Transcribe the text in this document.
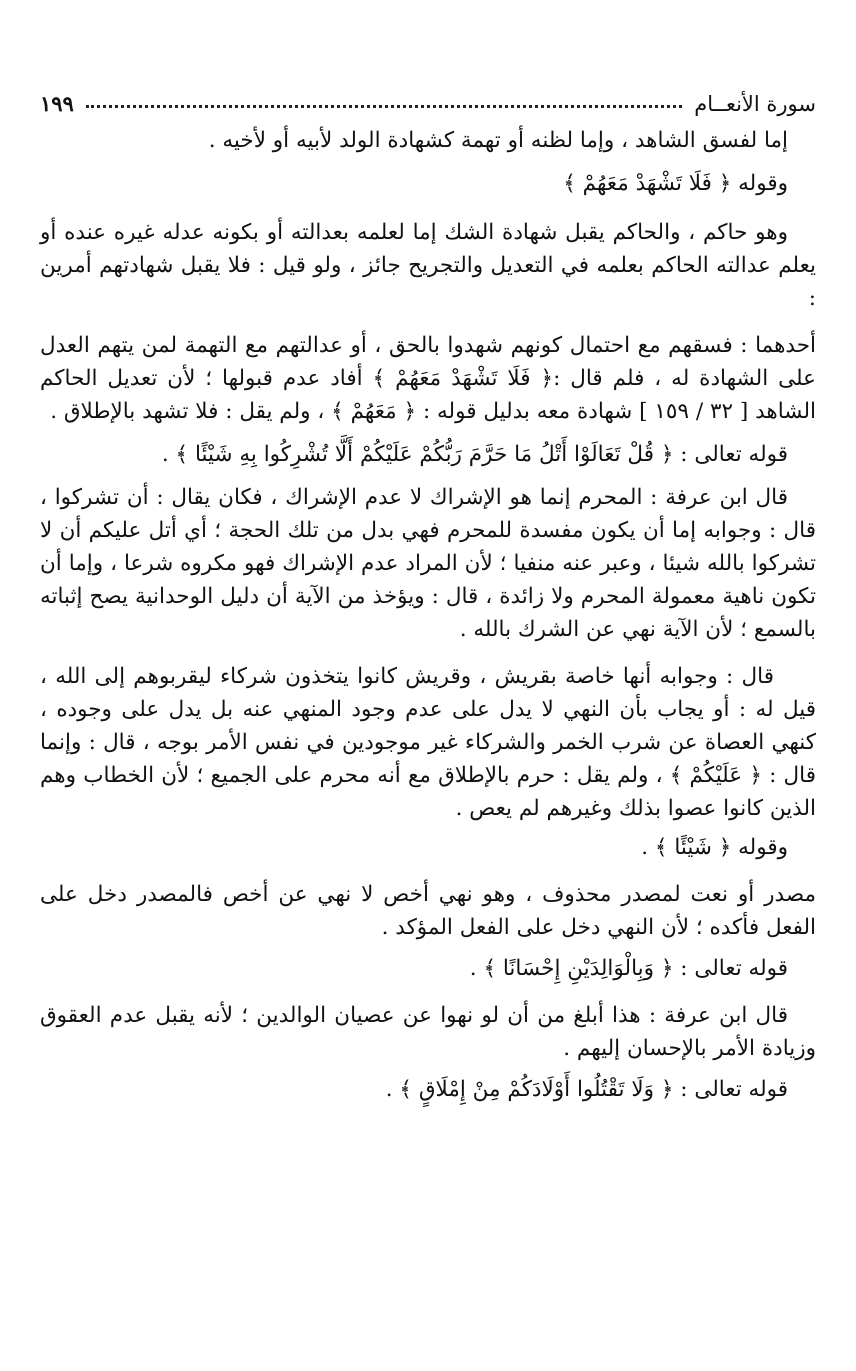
سورة الأنعــام
١٩٩

إما لفسق الشاهد ، وإما لظنه أو تهمة كشهادة الولد لأبيه أو لأخيه .

وقوله ﴿ فَلَا تَشْهَدْ مَعَهُمْ ﴾

وهو حاكم ، والحاكم يقبل شهادة الشك إما لعلمه بعدالته أو بكونه عدله غيره عنده أو يعلم عدالته الحاكم بعلمه في التعديل والتجريح جائز ، ولو قيل : فلا يقبل شهادتهم أمرين :

أحدهما : فسقهم مع احتمال كونهم شهدوا بالحق ، أو عدالتهم مع التهمة لمن يتهم العدل على الشهادة له ، فلم قال :﴿ فَلَا تَشْهَدْ مَعَهُمْ ﴾ أفاد عدم قبولها ؛ لأن تعديل الحاكم الشاهد [ ٣٢ / ١٥٩ ] شهادة معه بدليل قوله : ﴿ مَعَهُمْ ﴾ ، ولم يقل : فلا تشهد بالإطلاق .

قوله تعالى : ﴿ قُلْ تَعَالَوْا أَتْلُ مَا حَرَّمَ رَبُّكُمْ عَلَيْكُمْ أَلَّا تُشْرِكُوا بِهِ شَيْئًا ﴾ .

قال ابن عرفة : المحرم إنما هو الإشراك لا عدم الإشراك ، فكان يقال : أن تشركوا ، قال : وجوابه إما أن يكون مفسدة للمحرم فهي بدل من تلك الحجة ؛ أي أتل عليكم أن لا تشركوا بالله شيئا ، وعبر عنه منفيا ؛ لأن المراد عدم الإشراك فهو مكروه شرعا ، وإما أن تكون ناهية معمولة المحرم ولا زائدة ، قال : ويؤخذ من الآية أن دليل الوحدانية يصح إثباته بالسمع ؛ لأن الآية نهي عن الشرك بالله .

قال : وجوابه أنها خاصة بقريش ، وقريش كانوا يتخذون شركاء ليقربوهم إلى الله ، قيل له : أو يجاب بأن النهي لا يدل على عدم وجود المنهي عنه بل يدل على وجوده ، كنهي العصاة عن شرب الخمر والشركاء غير موجودين في نفس الأمر بوجه ، قال : وإنما قال : ﴿ عَلَيْكُمْ ﴾ ، ولم يقل : حرم بالإطلاق مع أنه محرم على الجميع ؛ لأن الخطاب وهم الذين كانوا عصوا بذلك وغيرهم لم يعص .

وقوله ﴿ شَيْئًا ﴾ .

مصدر أو نعت لمصدر محذوف ، وهو نهي أخص لا نهي عن أخص فالمصدر دخل على الفعل فأكده ؛ لأن النهي دخل على الفعل المؤكد .

قوله تعالى : ﴿ وَبِالْوَالِدَيْنِ إِحْسَانًا ﴾ .

قال ابن عرفة : هذا أبلغ من أن لو نهوا عن عصيان الوالدين ؛ لأنه يقبل عدم العقوق وزيادة الأمر بالإحسان إليهم .

قوله تعالى : ﴿ وَلَا تَقْتُلُوا أَوْلَادَكُمْ مِنْ إِمْلَاقٍ ﴾ .
